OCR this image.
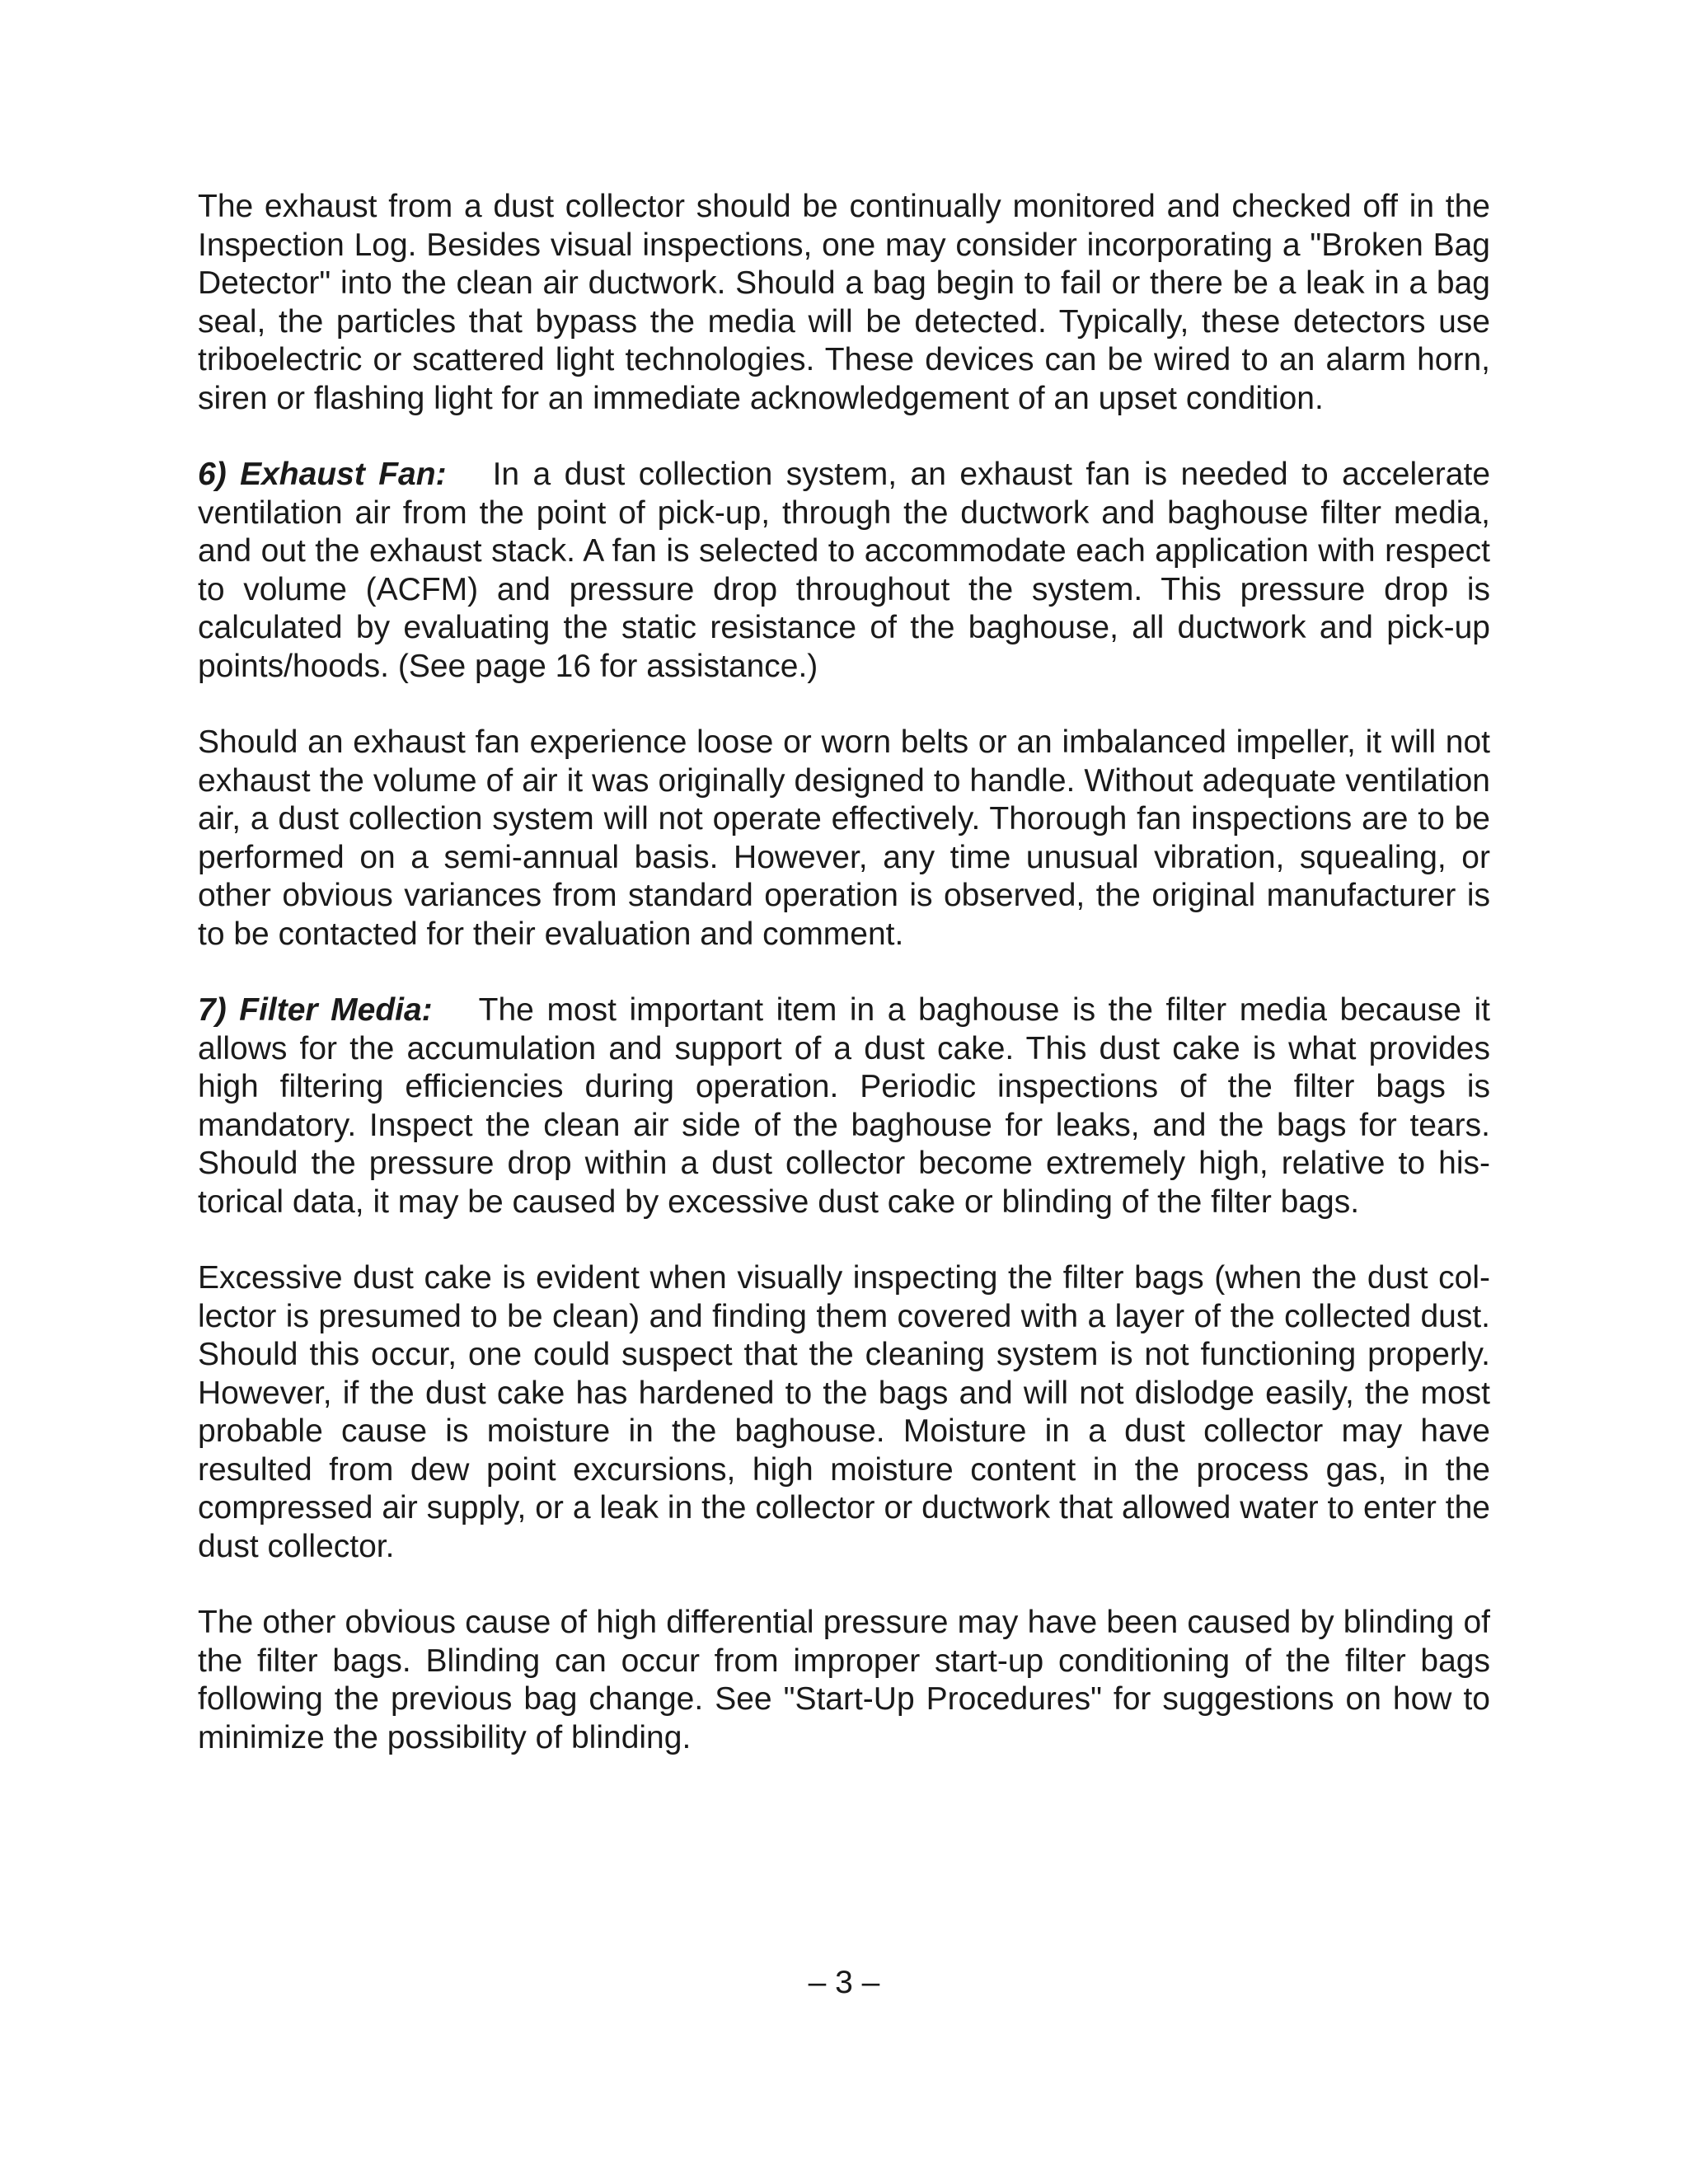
The exhaust from a dust collector should be continually monitored and checked off in the Inspection Log. Besides visual inspections, one may consider incorporating a "Broken Bag Detector" into the clean air ductwork. Should a bag begin to fail or there be a leak in a bag seal, the particles that bypass the media will be detected. Typically, these detectors use triboelectric or scattered light technologies. These devices can be wired to an alarm horn, siren or flashing light for an immediate acknowledgement of an upset condition.

6) Exhaust Fan: In a dust collection system, an exhaust fan is needed to accelerate ventilation air from the point of pick-up, through the ductwork and baghouse filter media, and out the exhaust stack. A fan is selected to accommodate each application with respect to volume (ACFM) and pressure drop throughout the system. This pressure drop is calculated by evaluating the static resistance of the baghouse, all ductwork and pick-up points/hoods. (See page 16 for assistance.)

Should an exhaust fan experience loose or worn belts or an imbalanced impeller, it will not exhaust the volume of air it was originally designed to handle. Without adequate ventilation air, a dust collection system will not operate effectively. Thorough fan inspections are to be performed on a semi-annual basis. However, any time unusual vibration, squealing, or other obvious variances from standard operation is observed, the original manufacturer is to be contacted for their evaluation and comment.

7) Filter Media: The most important item in a baghouse is the filter media because it allows for the accumulation and support of a dust cake. This dust cake is what provides high filtering efficiencies during operation. Periodic inspections of the filter bags is mandatory. Inspect the clean air side of the baghouse for leaks, and the bags for tears. Should the pressure drop within a dust collector become extremely high, relative to historical data, it may be caused by excessive dust cake or blinding of the filter bags.

Excessive dust cake is evident when visually inspecting the filter bags (when the dust collector is presumed to be clean) and finding them covered with a layer of the collected dust. Should this occur, one could suspect that the cleaning system is not functioning properly. However, if the dust cake has hardened to the bags and will not dislodge easily, the most probable cause is moisture in the baghouse. Moisture in a dust collector may have resulted from dew point excursions, high moisture content in the process gas, in the compressed air supply, or a leak in the collector or ductwork that allowed water to enter the dust collector.

The other obvious cause of high differential pressure may have been caused by blinding of the filter bags. Blinding can occur from improper start-up conditioning of the filter bags following the previous bag change. See "Start-Up Procedures" for suggestions on how to minimize the possibility of blinding.

– 3 –
